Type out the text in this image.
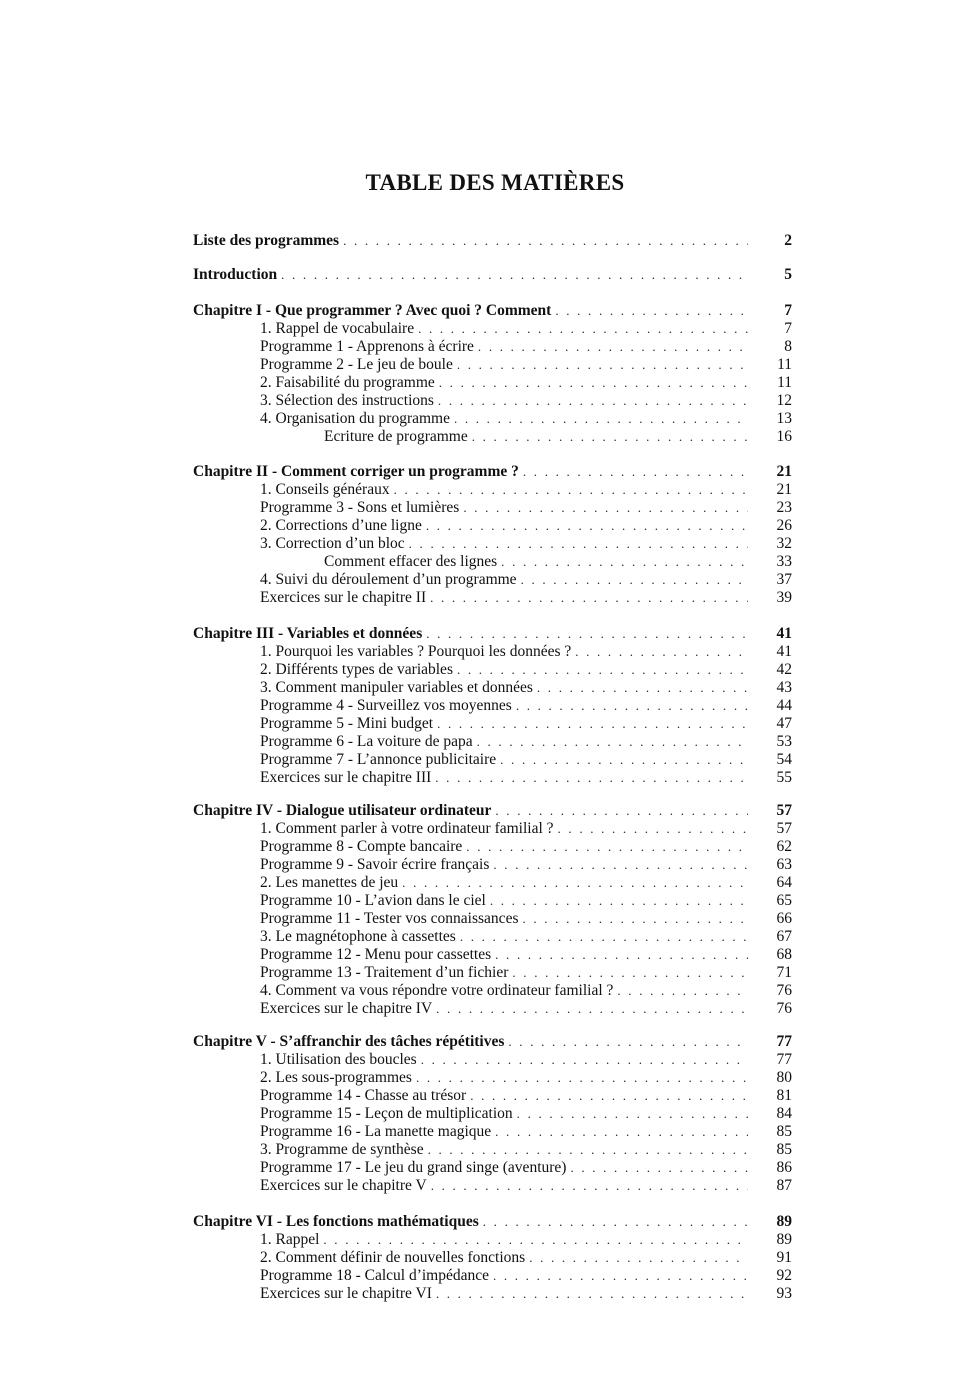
TABLE DES MATIÈRES
Liste des programmes . . .	2
Introduction . . .	5
Chapitre I - Que programmer ? Avec quoi ? Comment . . .	7
1. Rappel de vocabulaire . . .	7
Programme 1 - Apprenons à écrire . . .	8
Programme 2 - Le jeu de boule . . .	11
2. Faisabilité du programme . . .	11
3. Sélection des instructions . . .	12
4. Organisation du programme . . .	13
Ecriture de programme . . .	16
Chapitre II - Comment corriger un programme ? . . .	21
1. Conseils généraux . . .	21
Programme 3 - Sons et lumières . . .	23
2. Corrections d’une ligne . . .	26
3. Correction d’un bloc . . .	32
Comment effacer des lignes . . .	33
4. Suivi du déroulement d’un programme . . .	37
Exercices sur le chapitre II . . .	39
Chapitre III - Variables et données . . .	41
1. Pourquoi les variables ? Pourquoi les données ? . . .	41
2. Différents types de variables . . .	42
3. Comment manipuler variables et données . . .	43
Programme 4 - Surveillez vos moyennes . . .	44
Programme 5 - Mini budget . . .	47
Programme 6 - La voiture de papa . . .	53
Programme 7 - L’annonce publicitaire . . .	54
Exercices sur le chapitre III . . .	55
Chapitre IV - Dialogue utilisateur ordinateur . . .	57
1. Comment parler à votre ordinateur familial ? . . .	57
Programme 8 - Compte bancaire . . .	62
Programme 9 - Savoir écrire français . . .	63
2. Les manettes de jeu . . .	64
Programme 10 - L’avion dans le ciel . . .	65
Programme 11 - Tester vos connaissances . . .	66
3. Le magnétophone à cassettes . . .	67
Programme 12 - Menu pour cassettes . . .	68
Programme 13 - Traitement d’un fichier . . .	71
4. Comment va vous répondre votre ordinateur familial ? . . .	76
Exercices sur le chapitre IV . . .	76
Chapitre V - S’affranchir des tâches répétitives . . .	77
1. Utilisation des boucles . . .	77
2. Les sous-programmes . . .	80
Programme 14 - Chasse au trésor . . .	81
Programme 15 - Leçon de multiplication . . .	84
Programme 16 - La manette magique . . .	85
3. Programme de synthèse . . .	85
Programme 17 - Le jeu du grand singe (aventure) . . .	86
Exercices sur le chapitre V . . .	87
Chapitre VI - Les fonctions mathématiques . . .	89
1. Rappel . . .	89
2. Comment définir de nouvelles fonctions . . .	91
Programme 18 - Calcul d’impédance . . .	92
Exercices sur le chapitre VI . . .	93
